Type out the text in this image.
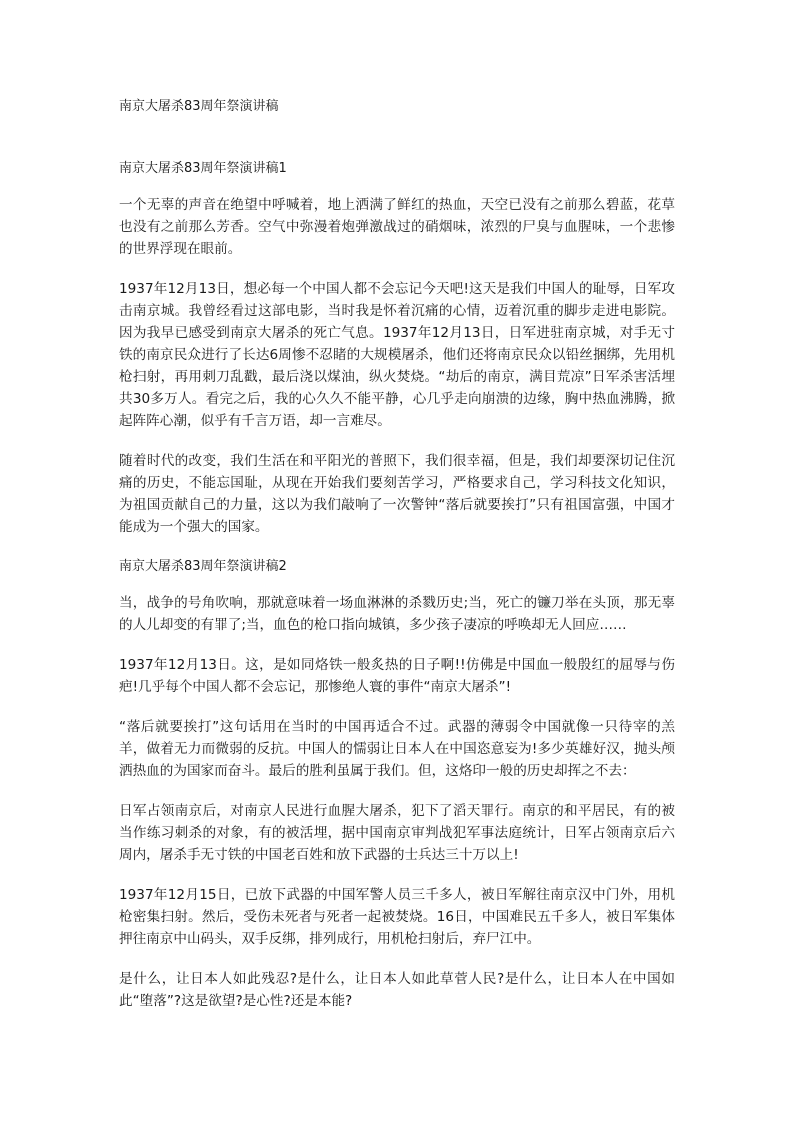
南京大屠杀83周年祭演讲稿
南京大屠杀83周年祭演讲稿1

一个无辜的声音在绝望中呼喊着，地上洒满了鲜红的热血，天空已没有之前那么碧蓝，花草也没有之前那么芳香。空气中弥漫着炮弹激战过的硝烟味，浓烈的尸臭与血腥味，一个悲惨的世界浮现在眼前。

1937年12月13日，想必每一个中国人都不会忘记今天吧!这天是我们中国人的耻辱，日军攻击南京城。我曾经看过这部电影，当时我是怀着沉痛的心情，迈着沉重的脚步走进电影院。因为我早已感受到南京大屠杀的死亡气息。1937年12月13日，日军进驻南京城，对手无寸铁的南京民众进行了长达6周惨不忍睹的大规模屠杀，他们还将南京民众以铅丝捆绑，先用机枪扫射，再用刺刀乱戳，最后浇以煤油，纵火焚烧。“劫后的南京，满目荒凉”日军杀害活埋共30多万人。看完之后，我的心久久不能平静，心几乎走向崩溃的边缘，胸中热血沸腾，掀起阵阵心潮，似乎有千言万语，却一言难尽。

随着时代的改变，我们生活在和平阳光的普照下，我们很幸福，但是，我们却要深切记住沉痛的历史，不能忘国耻，从现在开始我们要刻苦学习，严格要求自己，学习科技文化知识，为祖国贡献自己的力量，这以为我们敲响了一次警钟“落后就要挨打”只有祖国富强，中国才能成为一个强大的国家。

南京大屠杀83周年祭演讲稿2

当，战争的号角吹响，那就意味着一场血淋淋的杀戮历史;当，死亡的镰刀举在头顶，那无辜的人儿却变的有罪了;当，血色的枪口指向城镇，多少孩子凄凉的呼唤却无人回应……

1937年12月13日。这，是如同烙铁一般炙热的日子啊!!仿佛是中国血一般殷红的屈辱与伤疤!几乎每个中国人都不会忘记，那惨绝人寰的事件“南京大屠杀”!

“落后就要挨打”这句话用在当时的中国再适合不过。武器的薄弱令中国就像一只待宰的羔羊，做着无力而微弱的反抗。中国人的懦弱让日本人在中国恣意妄为!多少英雄好汉，抛头颅洒热血的为国家而奋斗。最后的胜利虽属于我们。但，这烙印一般的历史却挥之不去：

日军占领南京后，对南京人民进行血腥大屠杀，犯下了滔天罪行。南京的和平居民，有的被当作练习刺杀的对象，有的被活埋，据中国南京审判战犯军事法庭统计，日军占领南京后六周内，屠杀手无寸铁的中国老百姓和放下武器的士兵达三十万以上!

1937年12月15日，已放下武器的中国军警人员三千多人，被日军解往南京汉中门外，用机枪密集扫射。然后，受伤未死者与死者一起被焚烧。16日，中国难民五千多人，被日军集体押往南京中山码头，双手反绑，排列成行，用机枪扫射后，弃尸江中。

是什么，让日本人如此残忍?是什么，让日本人如此草菅人民?是什么，让日本人在中国如此“堕落”?这是欲望?是心性?还是本能?
